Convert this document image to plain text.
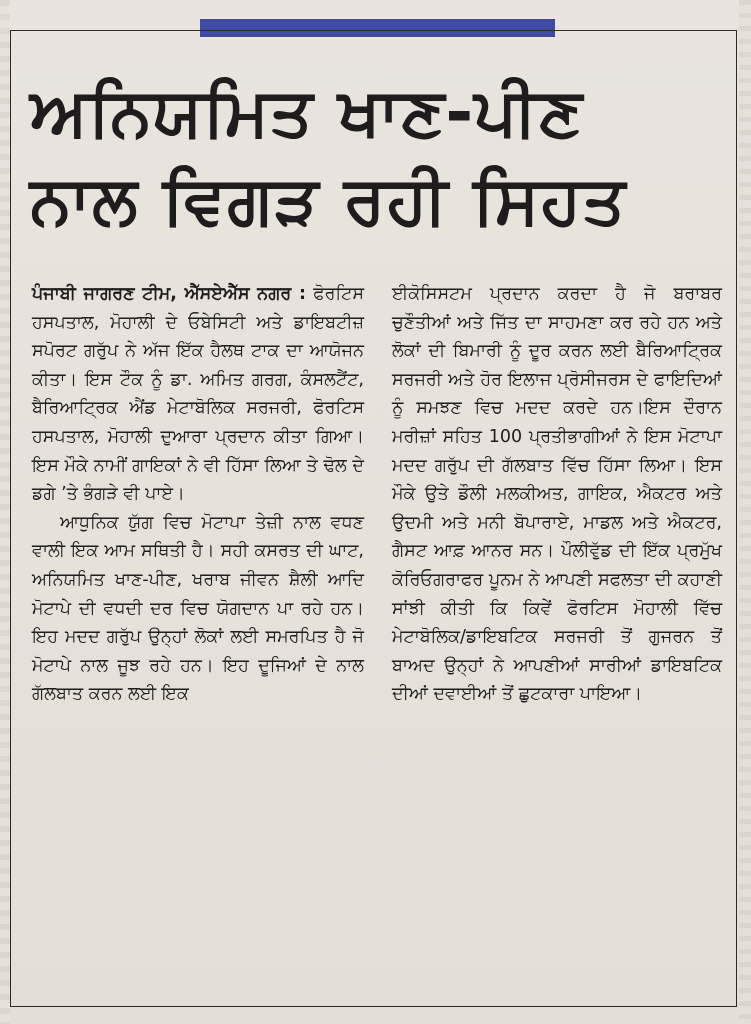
ਅਨਿਯਮਿਤ ਖਾਣ-ਪੀਣ
ਨਾਲ ਵਿਗੜ ਰਹੀ ਸਿਹਤ

ਪੰਜਾਬੀ ਜਾਗਰਣ ਟੀਮ, ਐੱਸਏਐੱਸ ਨਗਰ : ਫੋਰਟਿਸ ਹਸਪਤਾਲ, ਮੋਹਾਲੀ ਦੇ ਓਬੇਸਿਟੀ ਅਤੇ ਡਾਇਬਟੀਜ਼ ਸਪੋਰਟ ਗਰੁੱਪ ਨੇ ਅੱਜ ਇੱਕ ਹੈਲਥ ਟਾਕ ਦਾ ਆਯੋਜਨ ਕੀਤਾ। ਇਸ ਟੌਕ ਨੂੰ ਡਾ. ਅਮਿਤ ਗਰਗ, ਕੰਸਲਟੈਂਟ, ਬੈਰਿਆਟ੍ਰਿਕ ਐਂਡ ਮੇਟਾਬੋਲਿਕ ਸਰਜਰੀ, ਫੋਰਟਿਸ ਹਸਪਤਾਲ, ਮੋਹਾਲੀ ਦੁਆਰਾ ਪ੍ਰਦਾਨ ਕੀਤਾ ਗਿਆ। ਇਸ ਮੌਕੇ ਨਾਮੀਂ ਗਾਇਕਾਂ ਨੇ ਵੀ ਹਿੱਸਾ ਲਿਆ ਤੇ ਢੋਲ ਦੇ ਡਗੇ ’ਤੇ ਭੰਗੜੇ ਵੀ ਪਾਏ।

ਆਧੁਨਿਕ ਯੁੱਗ ਵਿਚ ਮੋਟਾਪਾ ਤੇਜ਼ੀ ਨਾਲ ਵਧਣ ਵਾਲੀ ਇਕ ਆਮ ਸਥਿਤੀ ਹੈ। ਸਹੀ ਕਸਰਤ ਦੀ ਘਾਟ, ਅਨਿਯਮਿਤ ਖਾਣ-ਪੀਣ, ਖਰਾਬ ਜੀਵਨ ਸ਼ੈਲੀ ਆਦਿ ਮੋਟਾਪੇ ਦੀ ਵਧਦੀ ਦਰ ਵਿਚ ਯੋਗਦਾਨ ਪਾ ਰਹੇ ਹਨ। ਇਹ ਮਦਦ ਗਰੁੱਪ ਉਨ੍ਹਾਂ ਲੋਕਾਂ ਲਈ ਸਮਰਪਿਤ ਹੈ ਜੋ ਮੋਟਾਪੇ ਨਾਲ ਜੂਝ ਰਹੇ ਹਨ। ਇਹ ਦੂਜਿਆਂ ਦੇ ਨਾਲ ਗੱਲਬਾਤ ਕਰਨ ਲਈ ਇਕ

ਈਕੋਸਿਸਟਮ ਪ੍ਰਦਾਨ ਕਰਦਾ ਹੈ ਜੋ ਬਰਾਬਰ ਚੁਣੌਤੀਆਂ ਅਤੇ ਜਿੱਤ ਦਾ ਸਾਹਮਣਾ ਕਰ ਰਹੇ ਹਨ ਅਤੇ ਲੋਕਾਂ ਦੀ ਬਿਮਾਰੀ ਨੂੰ ਦੂਰ ਕਰਨ ਲਈ ਬੈਰਿਆਟ੍ਰਿਕ ਸਰਜਰੀ ਅਤੇ ਹੋਰ ਇਲਾਜ ਪ੍ਰੋਸੀਜਰਸ ਦੇ ਫਾਇਦਿਆਂ ਨੂੰ ਸਮਝਣ ਵਿਚ ਮਦਦ ਕਰਦੇ ਹਨ।ਇਸ ਦੌਰਾਨ ਮਰੀਜ਼ਾਂ ਸਹਿਤ 100 ਪ੍ਰਤੀਭਾਗੀਆਂ ਨੇ ਇਸ ਮੋਟਾਪਾ ਮਦਦ ਗਰੁੱਪ ਦੀ ਗੱਲਬਾਤ ਵਿੱਚ ਹਿੱਸਾ ਲਿਆ। ਇਸ ਮੌਕੇ ਉਤੇ ਡੌਲੀ ਮਲਕੀਅਤ, ਗਾਇਕ, ਐਕਟਰ ਅਤੇ ਉਦਮੀ ਅਤੇ ਮਨੀ ਬੋਪਾਰਾਏ, ਮਾਡਲ ਅਤੇ ਐਕਟਰ, ਗੈਸਟ ਆਫ਼ ਆਨਰ ਸਨ। ਪੌਲੀਵੁੱਡ ਦੀ ਇੱਕ ਪ੍ਰਮੁੱਖ ਕੋਰਿਓਗਰਾਫਰ ਪੂਨਮ ਨੇ ਆਪਣੀ ਸਫਲਤਾ ਦੀ ਕਹਾਣੀ ਸਾਂਝੀ ਕੀਤੀ ਕਿ ਕਿਵੇਂ ਫੋਰਟਿਸ ਮੋਹਾਲੀ ਵਿੱਚ ਮੇਟਾਬੋਲਿਕ/ਡਾਇਬਟਿਕ ਸਰਜਰੀ ਤੋਂ ਗੁਜਰਨ ਤੋਂ ਬਾਅਦ ਉਨ੍ਹਾਂ ਨੇ ਆਪਣੀਆਂ ਸਾਰੀਆਂ ਡਾਇਬਟਿਕ ਦੀਆਂ ਦਵਾਈਆਂ ਤੋਂ ਛੁਟਕਾਰਾ ਪਾਇਆ।
